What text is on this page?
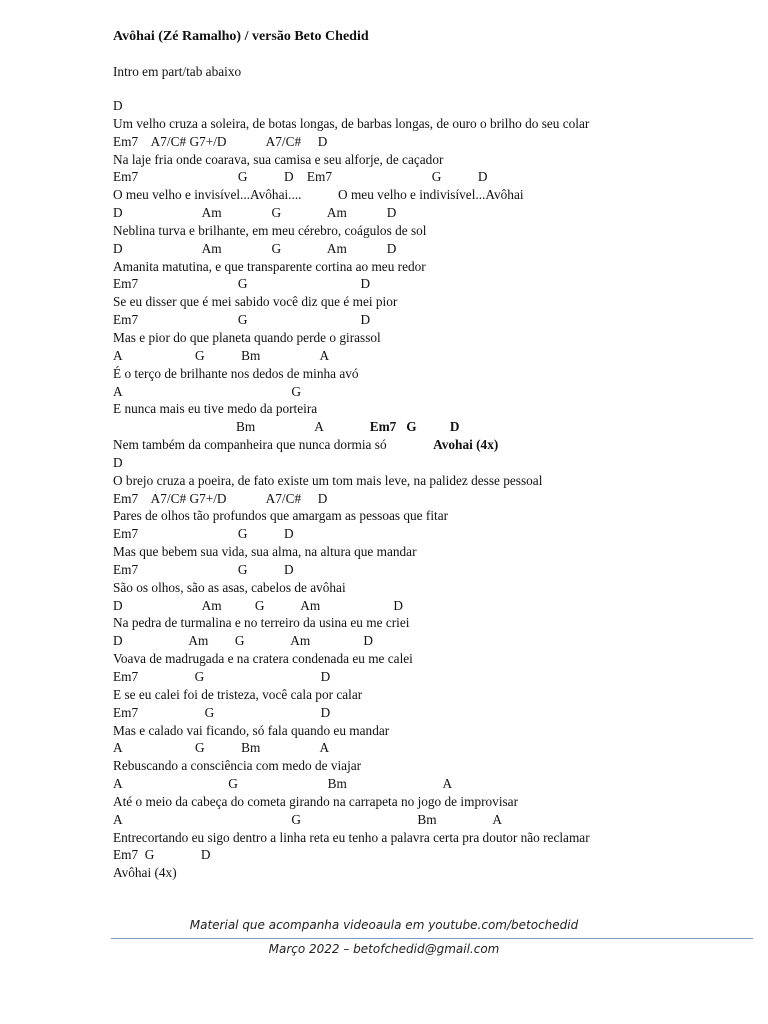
Avôhai (Zé Ramalho) / versão Beto Chedid
Intro em part/tab abaixo
D
Um velho cruza a soleira, de botas longas, de barbas longas, de ouro o brilho do seu colar
Em7    A7/C# G7+/D            A7/C#     D
Na laje fria onde coarava, sua camisa e seu alforje, de caçador
Em7                              G           D    Em7                              G           D
O meu velho e invisível...Avôhai....           O meu velho e indivisível...Avôhai
D                        Am               G              Am            D
Neblina turva e brilhante, em meu cérebro, coágulos de sol
D                        Am               G              Am            D
Amanita matutina, e que transparente cortina ao meu redor
Em7                              G                                  D
Se eu disser que é mei sabido você diz que é mei pior
Em7                              G                                  D
Mas e pior do que planeta quando perde o girassol
A                      G           Bm                  A
É o terço de brilhante nos dedos de minha avó
A                                                   G
E nunca mais eu tive medo da porteira
Bm                  A              Em7   G          D
Nem também da companheira que nunca dormia só              Avohai (4x)
D
O brejo cruza a poeira, de fato existe um tom mais leve, na palidez desse pessoal
Em7    A7/C# G7+/D            A7/C#     D
Pares de olhos tão profundos que amargam as pessoas que fitar
Em7                              G           D
Mas que bebem sua vida, sua alma, na altura que mandar
Em7                              G           D
São os olhos, são as asas, cabelos de avôhai
D                        Am          G           Am                      D
Na pedra de turmalina e no terreiro da usina eu me criei
D                    Am        G              Am                D
Voava de madrugada e na cratera condenada eu me calei
Em7                 G                                   D
E se eu calei foi de tristeza, você cala por calar
Em7                    G                                D
Mas e calado vai ficando, só fala quando eu mandar
A                      G           Bm                  A
Rebuscando a consciência com medo de viajar
A                                G                           Bm                             A
Até o meio da cabeça do cometa girando na carrapeta no jogo de improvisar
A                                                   G                                   Bm                 A
Entrecortando eu sigo dentro a linha reta eu tenho a palavra certa pra doutor não reclamar
Em7  G              D
Avôhai (4x)
Material que acompanha videoaula em youtube.com/betochedid
Março 2022 – betofchedid@gmail.com
